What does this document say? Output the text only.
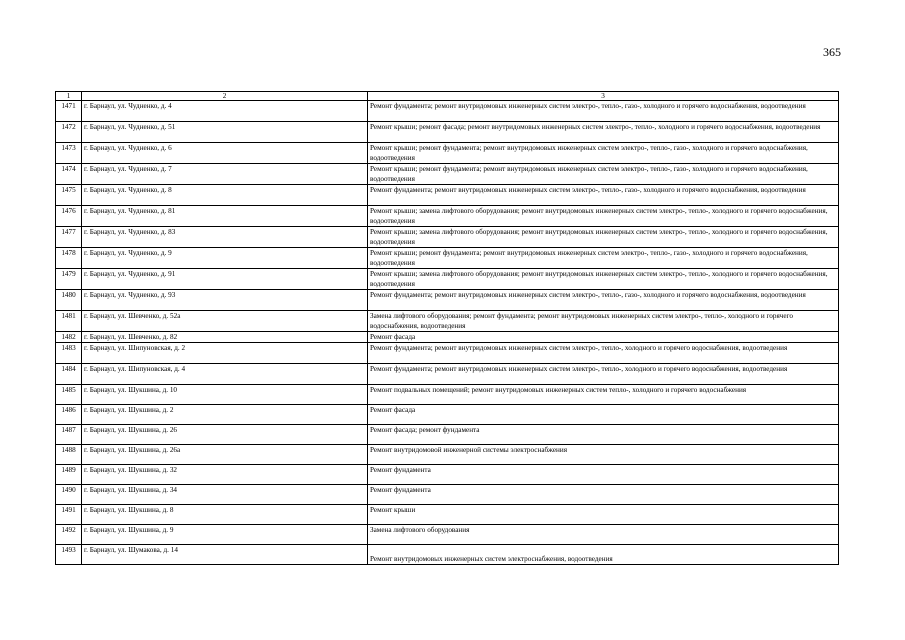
365
1	2	3
1471	г. Барнаул, ул. Чудненко, д. 4	Ремонт фундамента; ремонт внутридомовых инженерных систем электро-, тепло-, газо-, холодного и горячего водоснабжения, водоотведения
1472	г. Барнаул, ул. Чудненко, д. 51	Ремонт крыши; ремонт фасада; ремонт внутридомовых инженерных систем электро-, тепло-, холодного и горячего водоснабжения, водоотведения
1473	г. Барнаул, ул. Чудненко, д. 6	Ремонт крыши; ремонт фундамента; ремонт внутридомовых инженерных систем электро-, тепло-, газо-, холодного и горячего водоснабжения, водоотведения
1474	г. Барнаул, ул. Чудненко, д. 7	Ремонт крыши; ремонт фундамента; ремонт внутридомовых инженерных систем электро-, тепло-, газо-, холодного и горячего водоснабжения, водоотведения
1475	г. Барнаул, ул. Чудненко, д. 8	Ремонт фундамента; ремонт внутридомовых инженерных систем электро-, тепло-, газо-, холодного и горячего водоснабжения, водоотведения
1476	г. Барнаул, ул. Чудненко, д. 81	Ремонт крыши; замена лифтового оборудования; ремонт внутридомовых инженерных систем электро-, тепло-, холодного и горячего водоснабжения, водоотведения
1477	г. Барнаул, ул. Чудненко, д. 83	Ремонт крыши; замена лифтового оборудования; ремонт внутридомовых инженерных систем электро-, тепло-, холодного и горячего водоснабжения, водоотведения
1478	г. Барнаул, ул. Чудненко, д. 9	Ремонт крыши; ремонт фундамента; ремонт внутридомовых инженерных систем электро-, тепло-, газо-, холодного и горячего водоснабжения, водоотведения
1479	г. Барнаул, ул. Чудненко, д. 91	Ремонт крыши; замена лифтового оборудования; ремонт внутридомовых инженерных систем электро-, тепло-, холодного и горячего водоснабжения, водоотведения
1480	г. Барнаул, ул. Чудненко, д. 93	Ремонт фундамента; ремонт внутридомовых инженерных систем электро-, тепло-, газо-, холодного и горячего водоснабжения, водоотведения
1481	г. Барнаул, ул. Шевченко, д. 52а	Замена лифтового оборудования; ремонт фундамента; ремонт внутридомовых инженерных систем электро-, тепло-, холодного и горячего водоснабжения, водоотведения
1482	г. Барнаул, ул. Шевченко, д. 82	Ремонт фасада
1483	г. Барнаул, ул. Шипуновская, д. 2	Ремонт фундамента; ремонт внутридомовых инженерных систем электро-, тепло-, холодного и горячего водоснабжения, водоотведения
1484	г. Барнаул, ул. Шипуновская, д. 4	Ремонт фундамента; ремонт внутридомовых инженерных систем электро-, тепло-, холодного и горячего водоснабжения, водоотведения
1485	г. Барнаул, ул. Шукшина, д. 10	Ремонт подвальных помещений; ремонт внутридомовых инженерных систем тепло-, холодного и горячего водоснабжения
1486	г. Барнаул, ул. Шукшина, д. 2	Ремонт фасада
1487	г. Барнаул, ул. Шукшина, д. 26	Ремонт фасада; ремонт фундамента
1488	г. Барнаул, ул. Шукшина, д. 26а	Ремонт внутридомовой инженерной системы электроснабжения
1489	г. Барнаул, ул. Шукшина, д. 32	Ремонт фундамента
1490	г. Барнаул, ул. Шукшина, д. 34	Ремонт фундамента
1491	г. Барнаул, ул. Шукшина, д. 8	Ремонт крыши
1492	г. Барнаул, ул. Шукшина, д. 9	Замена лифтового оборудования
1493	г. Барнаул, ул. Шумакова, д. 14	Ремонт внутридомовых инженерных систем электроснабжения, водоотведения
